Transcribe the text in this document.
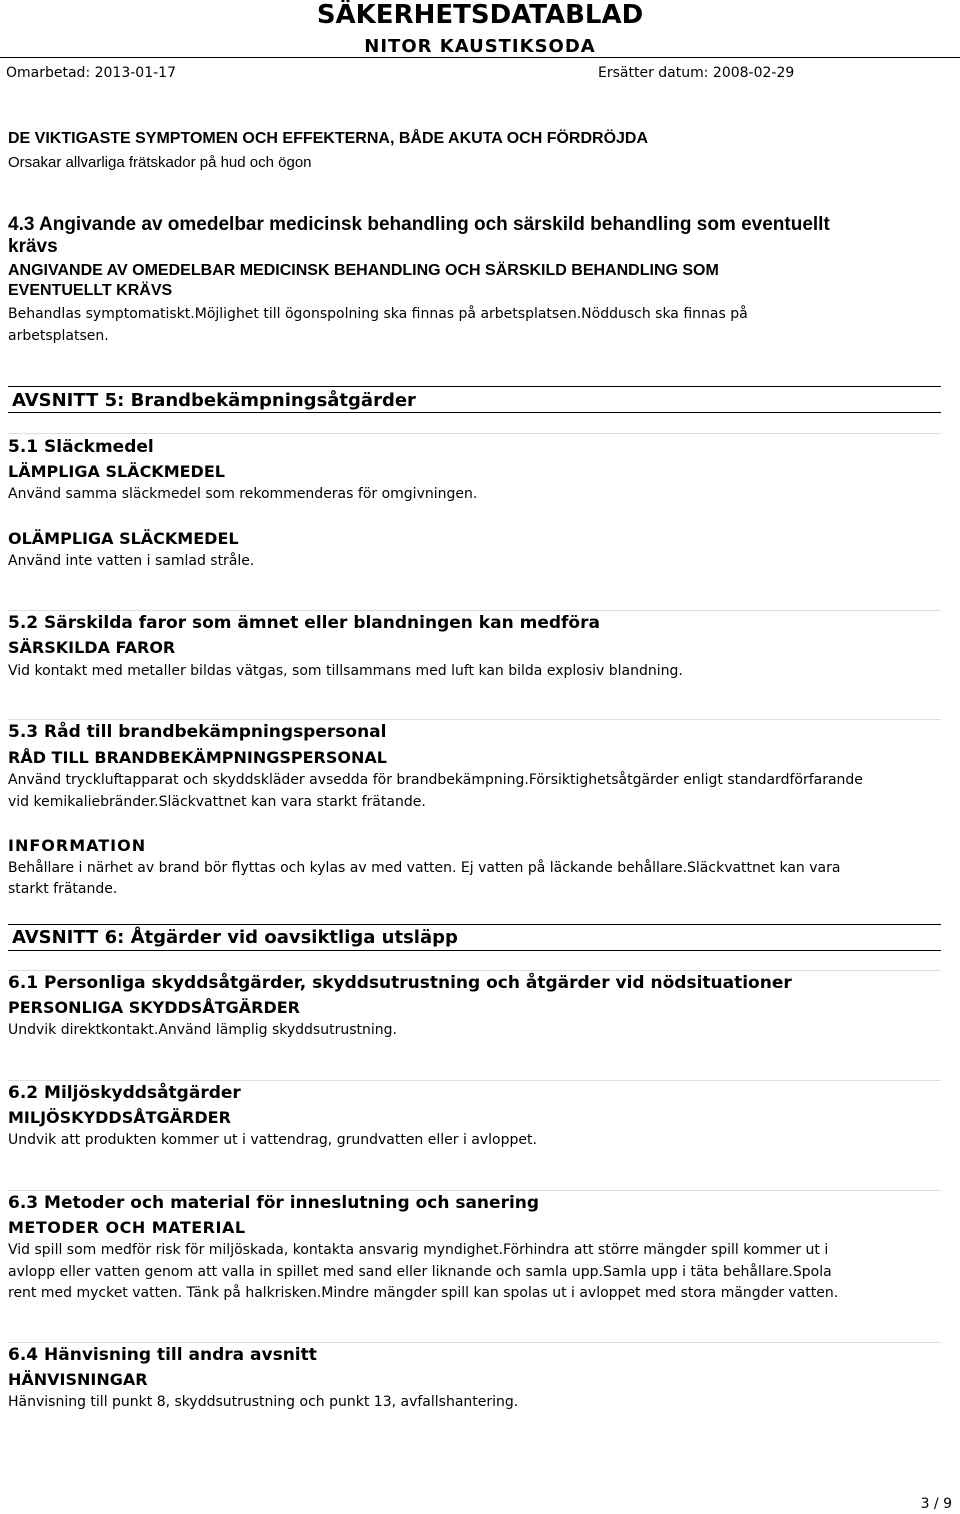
SÄKERHETSDATABLAD
NITOR KAUSTIKSODA
Omarbetad: 2013-01-17	Ersätter datum: 2008-02-29
DE VIKTIGASTE SYMPTOMEN OCH EFFEKTERNA, BÅDE AKUTA OCH FÖRDRÖJDA
Orsakar allvarliga frätskador på hud och ögon
4.3 Angivande av omedelbar medicinsk behandling och särskild behandling som eventuellt
krävs
ANGIVANDE AV OMEDELBAR MEDICINSK BEHANDLING OCH SÄRSKILD BEHANDLING SOM
EVENTUELLT KRÄVS
Behandlas symptomatiskt.Möjlighet till ögonspolning ska finnas på arbetsplatsen.Nöddusch ska finnas på
arbetsplatsen.
AVSNITT 5: Brandbekämpningsåtgärder
5.1 Släckmedel
LÄMPLIGA SLÄCKMEDEL
Använd samma släckmedel som rekommenderas för omgivningen.
OLÄMPLIGA SLÄCKMEDEL
Använd inte vatten i samlad stråle.
5.2 Särskilda faror som ämnet eller blandningen kan medföra
SÄRSKILDA FAROR
Vid kontakt med metaller bildas vätgas, som tillsammans med luft kan bilda explosiv blandning.
5.3 Råd till brandbekämpningspersonal
RÅD TILL BRANDBEKÄMPNINGSPERSONAL
Använd tryckluftapparat och skyddskläder avsedda för brandbekämpning.Försiktighetsåtgärder enligt standardförfarande
vid kemikaliebränder.Släckvattnet kan vara starkt frätande.
INFORMATION
Behållare i närhet av brand bör flyttas och kylas av med vatten. Ej vatten på läckande behållare.Släckvattnet kan vara
starkt frätande.
AVSNITT 6: Åtgärder vid oavsiktliga utsläpp
6.1 Personliga skyddsåtgärder, skyddsutrustning och åtgärder vid nödsituationer
PERSONLIGA SKYDDSÅTGÄRDER
Undvik direktkontakt.Använd lämplig skyddsutrustning.
6.2 Miljöskyddsåtgärder
MILJÖSKYDDSÅTGÄRDER
Undvik att produkten kommer ut i vattendrag, grundvatten eller i avloppet.
6.3 Metoder och material för inneslutning och sanering
METODER OCH MATERIAL
Vid spill som medför risk för miljöskada, kontakta ansvarig myndighet.Förhindra att större mängder spill kommer ut i
avlopp eller vatten genom att valla in spillet med sand eller liknande och samla upp.Samla upp i täta behållare.Spola
rent med mycket vatten. Tänk på halkrisken.Mindre mängder spill kan spolas ut i avloppet med stora mängder vatten.
6.4 Hänvisning till andra avsnitt
HÄNVISNINGAR
Hänvisning till punkt 8, skyddsutrustning och punkt 13, avfallshantering.
3 / 9
